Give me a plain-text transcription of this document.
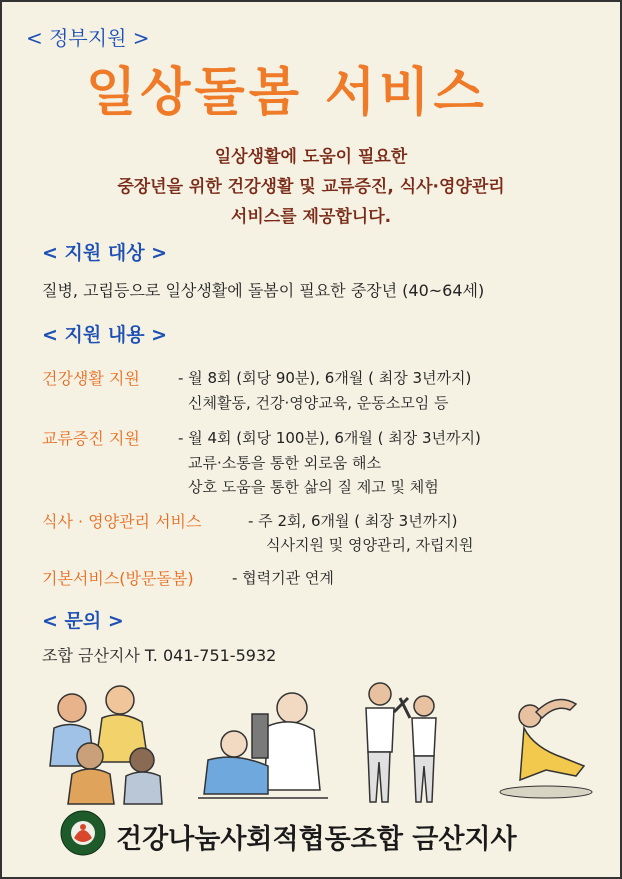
< 정부지원 >
일상돌봄 서비스
일상생활에 도움이 필요한
중장년을 위한 건강생활 및 교류증진, 식사·영양관리
서비스를 제공합니다.
< 지원 대상 >
질병, 고립등으로 일상생활에 돌봄이 필요한 중장년 (40~64세)
< 지원 내용 >
건강생활 지원	- 월 8회 (회당 90분), 6개월 ( 최장 3년까지)
신체활동, 건강·영양교육, 운동소모임 등
교류증진 지원	- 월 4회 (회당 100분), 6개월 ( 최장 3년까지)
교류·소통을 통한 외로움 해소
상호 도움을 통한 삶의 질 제고 및 체험
식사 · 영양관리 서비스	- 주 2회, 6개월 ( 최장 3년까지)
식사지원 및 영양관리, 자립지원
기본서비스(방문돌봄)	- 협력기관 연계
< 문의 >
조합 금산지사 T. 041-751-5932
건강나눔사회적협동조합 금산지사
